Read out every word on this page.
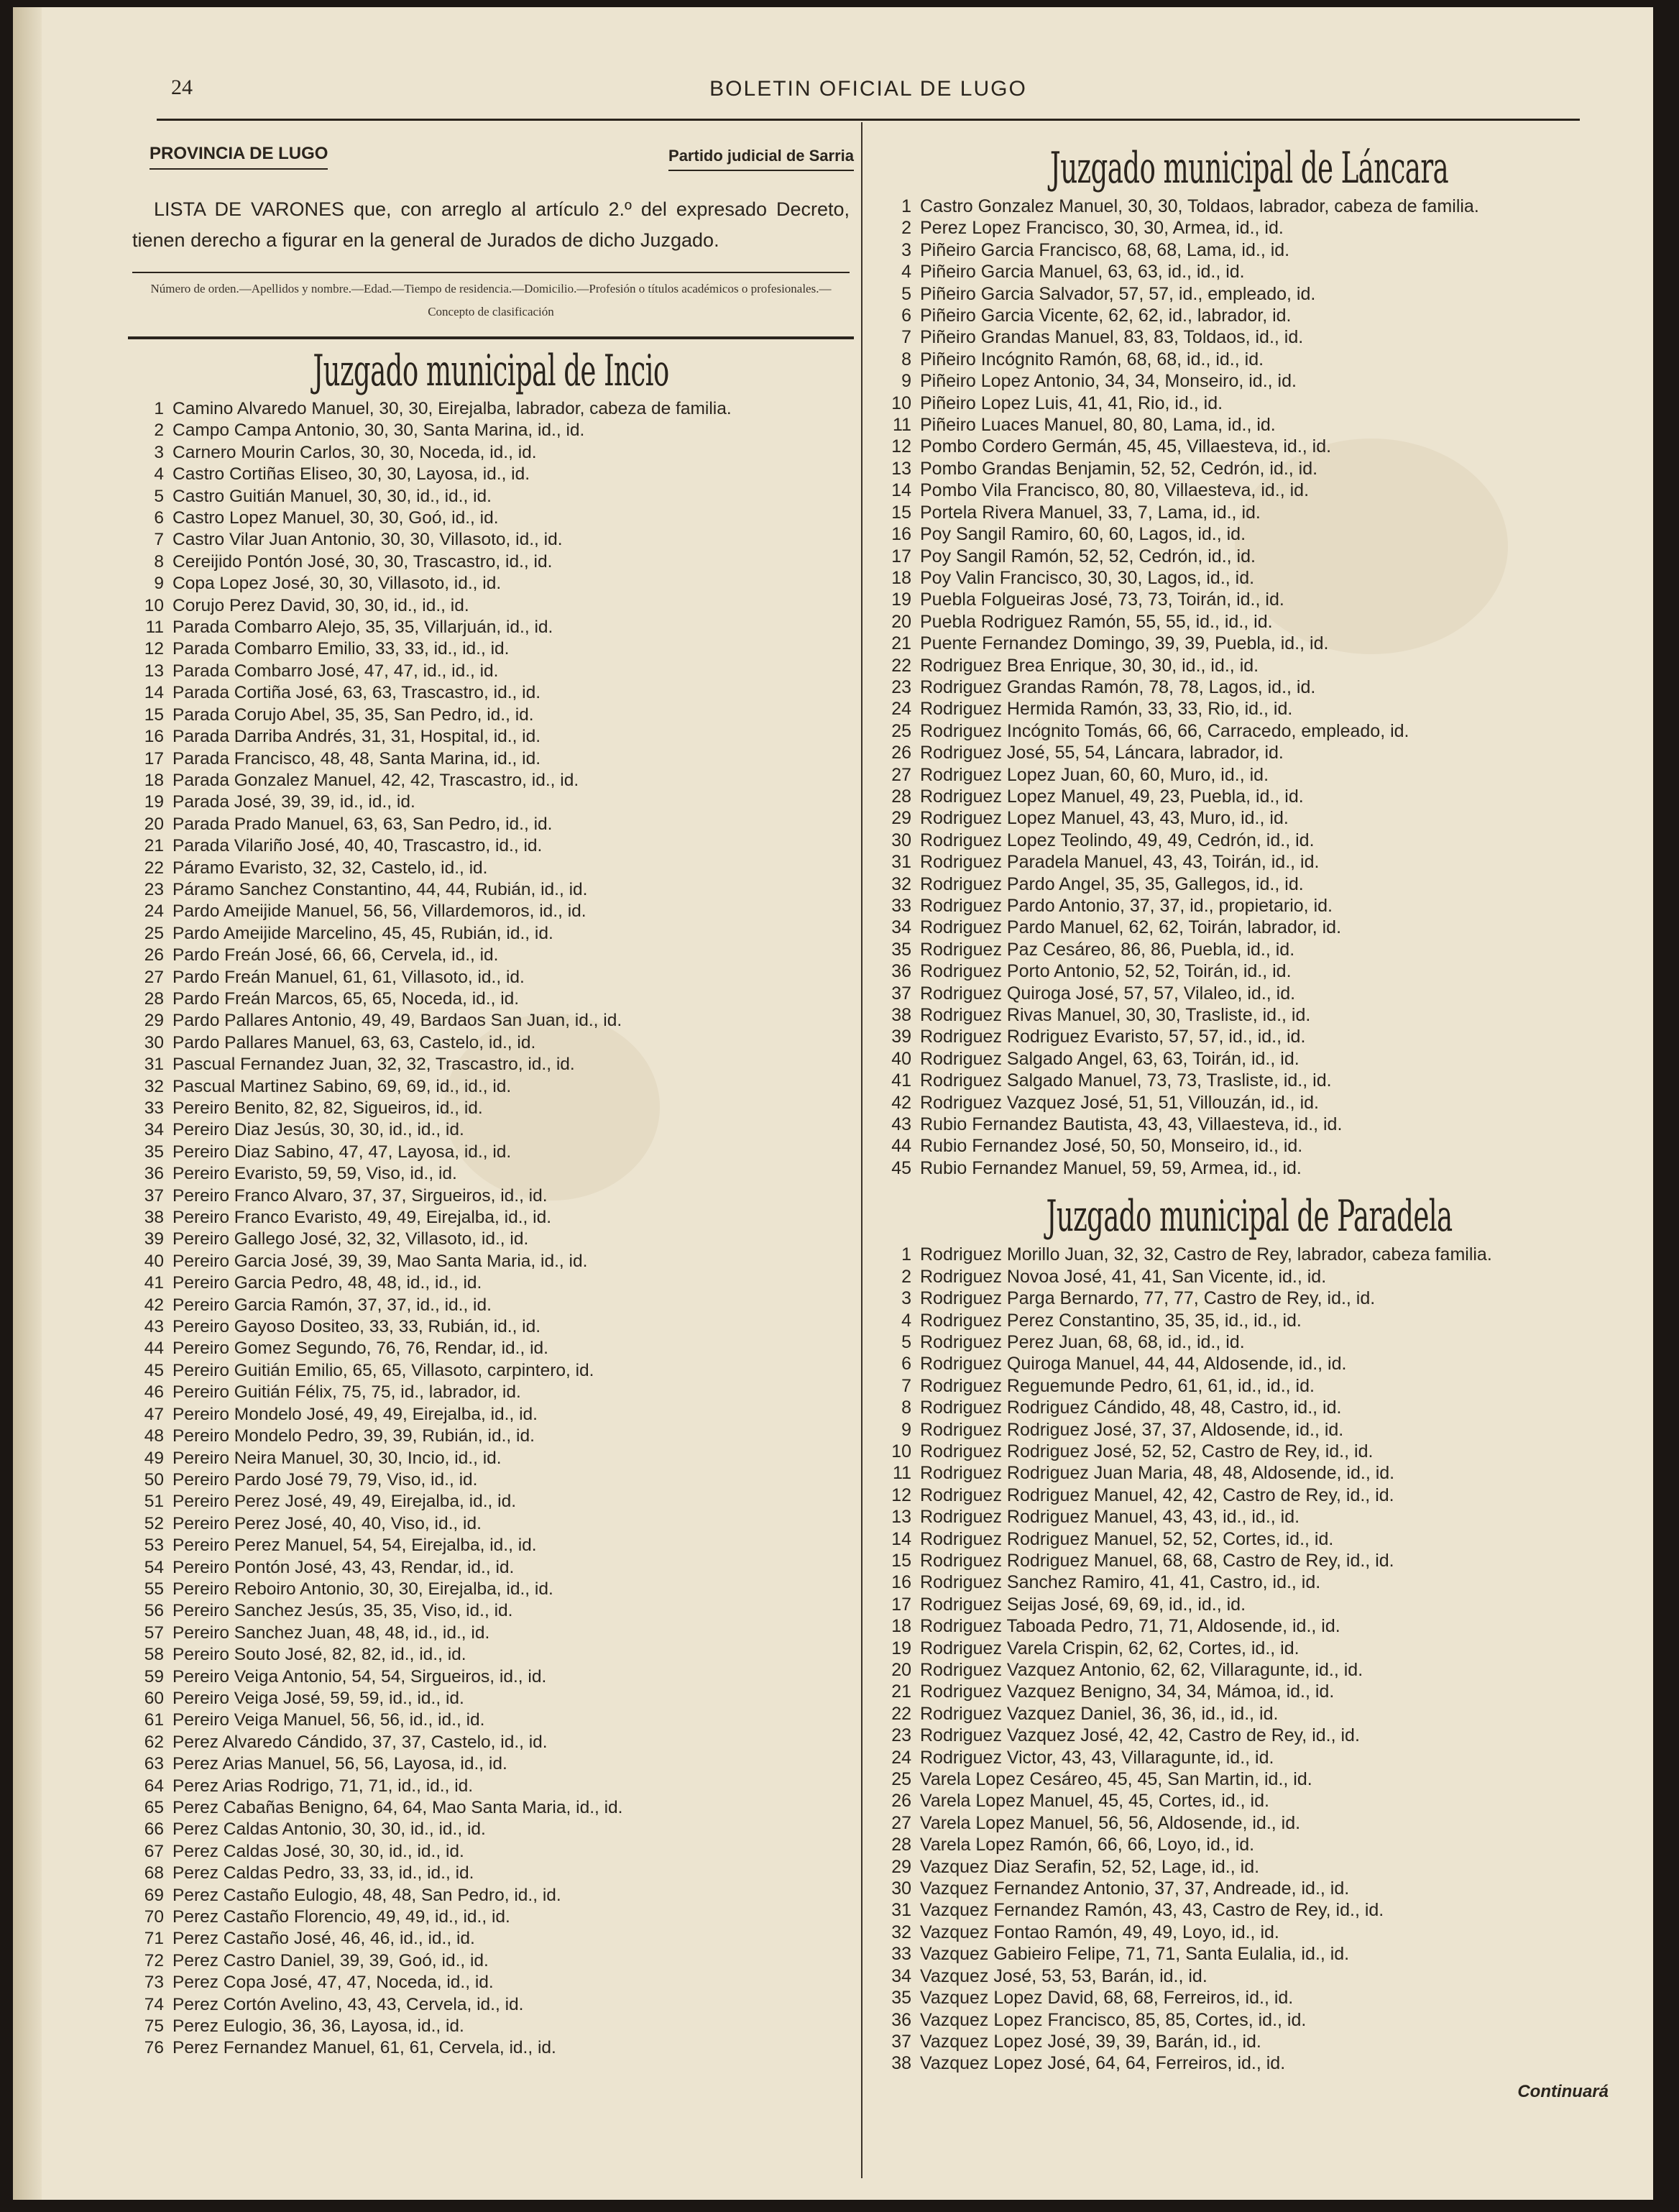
24	BOLETIN OFICIAL DE LUGO
PROVINCIA DE LUGO	Partido judicial de Sarria
LISTA DE VARONES que, con arreglo al artículo 2.º del expresado Decreto, tienen derecho a figurar en la general de Jurados de dicho Juzgado.
Número de orden.—Apellidos y nombre.—Edad.—Tiempo de residencia.—Domicilio.—Profesión o títulos académicos o profesionales.—Concepto de clasificación
Juzgado municipal de Incio
1 Camino Alvaredo Manuel, 30, 30, Eirejalba, labrador, cabeza de familia.
2 Campo Campa Antonio, 30, 30, Santa Marina, id., id.
3 Carnero Mourin Carlos, 30, 30, Noceda, id., id.
4 Castro Cortiñas Eliseo, 30, 30, Layosa, id., id.
5 Castro Guitián Manuel, 30, 30, id., id., id.
6 Castro Lopez Manuel, 30, 30, Goó, id., id.
7 Castro Vilar Juan Antonio, 30, 30, Villasoto, id., id.
8 Cereijido Pontón José, 30, 30, Trascastro, id., id.
9 Copa Lopez José, 30, 30, Villasoto, id., id.
10 Corujo Perez David, 30, 30, id., id., id.
11 Parada Combarro Alejo, 35, 35, Villarjuán, id., id.
12 Parada Combarro Emilio, 33, 33, id., id., id.
13 Parada Combarro José, 47, 47, id., id., id.
14 Parada Cortiña José, 63, 63, Trascastro, id., id.
15 Parada Corujo Abel, 35, 35, San Pedro, id., id.
16 Parada Darriba Andrés, 31, 31, Hospital, id., id.
17 Parada Francisco, 48, 48, Santa Marina, id., id.
18 Parada Gonzalez Manuel, 42, 42, Trascastro, id., id.
19 Parada José, 39, 39, id., id., id.
20 Parada Prado Manuel, 63, 63, San Pedro, id., id.
21 Parada Vilariño José, 40, 40, Trascastro, id., id.
22 Páramo Evaristo, 32, 32, Castelo, id., id.
23 Páramo Sanchez Constantino, 44, 44, Rubián, id., id.
24 Pardo Ameijide Manuel, 56, 56, Villardemoros, id., id.
25 Pardo Ameijide Marcelino, 45, 45, Rubián, id., id.
26 Pardo Freán José, 66, 66, Cervela, id., id.
27 Pardo Freán Manuel, 61, 61, Villasoto, id., id.
28 Pardo Freán Marcos, 65, 65, Noceda, id., id.
29 Pardo Pallares Antonio, 49, 49, Bardaos San Juan, id., id.
30 Pardo Pallares Manuel, 63, 63, Castelo, id., id.
31 Pascual Fernandez Juan, 32, 32, Trascastro, id., id.
32 Pascual Martinez Sabino, 69, 69, id., id., id.
33 Pereiro Benito, 82, 82, Sigueiros, id., id.
34 Pereiro Diaz Jesús, 30, 30, id., id., id.
35 Pereiro Diaz Sabino, 47, 47, Layosa, id., id.
36 Pereiro Evaristo, 59, 59, Viso, id., id.
37 Pereiro Franco Alvaro, 37, 37, Sirgueiros, id., id.
38 Pereiro Franco Evaristo, 49, 49, Eirejalba, id., id.
39 Pereiro Gallego José, 32, 32, Villasoto, id., id.
40 Pereiro Garcia José, 39, 39, Mao Santa Maria, id., id.
41 Pereiro Garcia Pedro, 48, 48, id., id., id.
42 Pereiro Garcia Ramón, 37, 37, id., id., id.
43 Pereiro Gayoso Dositeo, 33, 33, Rubián, id., id.
44 Pereiro Gomez Segundo, 76, 76, Rendar, id., id.
45 Pereiro Guitián Emilio, 65, 65, Villasoto, carpintero, id.
46 Pereiro Guitián Félix, 75, 75, id., labrador, id.
47 Pereiro Mondelo José, 49, 49, Eirejalba, id., id.
48 Pereiro Mondelo Pedro, 39, 39, Rubián, id., id.
49 Pereiro Neira Manuel, 30, 30, Incio, id., id.
50 Pereiro Pardo José 79, 79, Viso, id., id.
51 Pereiro Perez José, 49, 49, Eirejalba, id., id.
52 Pereiro Perez José, 40, 40, Viso, id., id.
53 Pereiro Perez Manuel, 54, 54, Eirejalba, id., id.
54 Pereiro Pontón José, 43, 43, Rendar, id., id.
55 Pereiro Reboiro Antonio, 30, 30, Eirejalba, id., id.
56 Pereiro Sanchez Jesús, 35, 35, Viso, id., id.
57 Pereiro Sanchez Juan, 48, 48, id., id., id.
58 Pereiro Souto José, 82, 82, id., id., id.
59 Pereiro Veiga Antonio, 54, 54, Sirgueiros, id., id.
60 Pereiro Veiga José, 59, 59, id., id., id.
61 Pereiro Veiga Manuel, 56, 56, id., id., id.
62 Perez Alvaredo Cándido, 37, 37, Castelo, id., id.
63 Perez Arias Manuel, 56, 56, Layosa, id., id.
64 Perez Arias Rodrigo, 71, 71, id., id., id.
65 Perez Cabañas Benigno, 64, 64, Mao Santa Maria, id., id.
66 Perez Caldas Antonio, 30, 30, id., id., id.
67 Perez Caldas José, 30, 30, id., id., id.
68 Perez Caldas Pedro, 33, 33, id., id., id.
69 Perez Castaño Eulogio, 48, 48, San Pedro, id., id.
70 Perez Castaño Florencio, 49, 49, id., id., id.
71 Perez Castaño José, 46, 46, id., id., id.
72 Perez Castro Daniel, 39, 39, Goó, id., id.
73 Perez Copa José, 47, 47, Noceda, id., id.
74 Perez Cortón Avelino, 43, 43, Cervela, id., id.
75 Perez Eulogio, 36, 36, Layosa, id., id.
76 Perez Fernandez Manuel, 61, 61, Cervela, id., id.
Juzgado municipal de Láncara
1 Castro Gonzalez Manuel, 30, 30, Toldaos, labrador, cabeza de familia.
2 Perez Lopez Francisco, 30, 30, Armea, id., id.
3 Piñeiro Garcia Francisco, 68, 68, Lama, id., id.
4 Piñeiro Garcia Manuel, 63, 63, id., id., id.
5 Piñeiro Garcia Salvador, 57, 57, id., empleado, id.
6 Piñeiro Garcia Vicente, 62, 62, id., labrador, id.
7 Piñeiro Grandas Manuel, 83, 83, Toldaos, id., id.
8 Piñeiro Incógnito Ramón, 68, 68, id., id., id.
9 Piñeiro Lopez Antonio, 34, 34, Monseiro, id., id.
10 Piñeiro Lopez Luis, 41, 41, Rio, id., id.
11 Piñeiro Luaces Manuel, 80, 80, Lama, id., id.
12 Pombo Cordero Germán, 45, 45, Villaesteva, id., id.
13 Pombo Grandas Benjamin, 52, 52, Cedrón, id., id.
14 Pombo Vila Francisco, 80, 80, Villaesteva, id., id.
15 Portela Rivera Manuel, 33, 7, Lama, id., id.
16 Poy Sangil Ramiro, 60, 60, Lagos, id., id.
17 Poy Sangil Ramón, 52, 52, Cedrón, id., id.
18 Poy Valin Francisco, 30, 30, Lagos, id., id.
19 Puebla Folgueiras José, 73, 73, Toirán, id., id.
20 Puebla Rodriguez Ramón, 55, 55, id., id., id.
21 Puente Fernandez Domingo, 39, 39, Puebla, id., id.
22 Rodriguez Brea Enrique, 30, 30, id., id., id.
23 Rodriguez Grandas Ramón, 78, 78, Lagos, id., id.
24 Rodriguez Hermida Ramón, 33, 33, Rio, id., id.
25 Rodriguez Incógnito Tomás, 66, 66, Carracedo, empleado, id.
26 Rodriguez José, 55, 54, Láncara, labrador, id.
27 Rodriguez Lopez Juan, 60, 60, Muro, id., id.
28 Rodriguez Lopez Manuel, 49, 23, Puebla, id., id.
29 Rodriguez Lopez Manuel, 43, 43, Muro, id., id.
30 Rodriguez Lopez Teolindo, 49, 49, Cedrón, id., id.
31 Rodriguez Paradela Manuel, 43, 43, Toirán, id., id.
32 Rodriguez Pardo Angel, 35, 35, Gallegos, id., id.
33 Rodriguez Pardo Antonio, 37, 37, id., propietario, id.
34 Rodriguez Pardo Manuel, 62, 62, Toirán, labrador, id.
35 Rodriguez Paz Cesáreo, 86, 86, Puebla, id., id.
36 Rodriguez Porto Antonio, 52, 52, Toirán, id., id.
37 Rodriguez Quiroga José, 57, 57, Vilaleo, id., id.
38 Rodriguez Rivas Manuel, 30, 30, Trasliste, id., id.
39 Rodriguez Rodriguez Evaristo, 57, 57, id., id., id.
40 Rodriguez Salgado Angel, 63, 63, Toirán, id., id.
41 Rodriguez Salgado Manuel, 73, 73, Trasliste, id., id.
42 Rodriguez Vazquez José, 51, 51, Villouzán, id., id.
43 Rubio Fernandez Bautista, 43, 43, Villaesteva, id., id.
44 Rubio Fernandez José, 50, 50, Monseiro, id., id.
45 Rubio Fernandez Manuel, 59, 59, Armea, id., id.
Juzgado municipal de Paradela
1 Rodriguez Morillo Juan, 32, 32, Castro de Rey, labrador, cabeza familia.
2 Rodriguez Novoa José, 41, 41, San Vicente, id., id.
3 Rodriguez Parga Bernardo, 77, 77, Castro de Rey, id., id.
4 Rodriguez Perez Constantino, 35, 35, id., id., id.
5 Rodriguez Perez Juan, 68, 68, id., id., id.
6 Rodriguez Quiroga Manuel, 44, 44, Aldosende, id., id.
7 Rodriguez Reguemunde Pedro, 61, 61, id., id., id.
8 Rodriguez Rodriguez Cándido, 48, 48, Castro, id., id.
9 Rodriguez Rodriguez José, 37, 37, Aldosende, id., id.
10 Rodriguez Rodriguez José, 52, 52, Castro de Rey, id., id.
11 Rodriguez Rodriguez Juan Maria, 48, 48, Aldosende, id., id.
12 Rodriguez Rodriguez Manuel, 42, 42, Castro de Rey, id., id.
13 Rodriguez Rodriguez Manuel, 43, 43, id., id., id.
14 Rodriguez Rodriguez Manuel, 52, 52, Cortes, id., id.
15 Rodriguez Rodriguez Manuel, 68, 68, Castro de Rey, id., id.
16 Rodriguez Sanchez Ramiro, 41, 41, Castro, id., id.
17 Rodriguez Seijas José, 69, 69, id., id., id.
18 Rodriguez Taboada Pedro, 71, 71, Aldosende, id., id.
19 Rodriguez Varela Crispin, 62, 62, Cortes, id., id.
20 Rodriguez Vazquez Antonio, 62, 62, Villaragunte, id., id.
21 Rodriguez Vazquez Benigno, 34, 34, Mámoa, id., id.
22 Rodriguez Vazquez Daniel, 36, 36, id., id., id.
23 Rodriguez Vazquez José, 42, 42, Castro de Rey, id., id.
24 Rodriguez Victor, 43, 43, Villaragunte, id., id.
25 Varela Lopez Cesáreo, 45, 45, San Martin, id., id.
26 Varela Lopez Manuel, 45, 45, Cortes, id., id.
27 Varela Lopez Manuel, 56, 56, Aldosende, id., id.
28 Varela Lopez Ramón, 66, 66, Loyo, id., id.
29 Vazquez Diaz Serafin, 52, 52, Lage, id., id.
30 Vazquez Fernandez Antonio, 37, 37, Andreade, id., id.
31 Vazquez Fernandez Ramón, 43, 43, Castro de Rey, id., id.
32 Vazquez Fontao Ramón, 49, 49, Loyo, id., id.
33 Vazquez Gabieiro Felipe, 71, 71, Santa Eulalia, id., id.
34 Vazquez José, 53, 53, Barán, id., id.
35 Vazquez Lopez David, 68, 68, Ferreiros, id., id.
36 Vazquez Lopez Francisco, 85, 85, Cortes, id., id.
37 Vazquez Lopez José, 39, 39, Barán, id., id.
38 Vazquez Lopez José, 64, 64, Ferreiros, id., id.
Continuará
